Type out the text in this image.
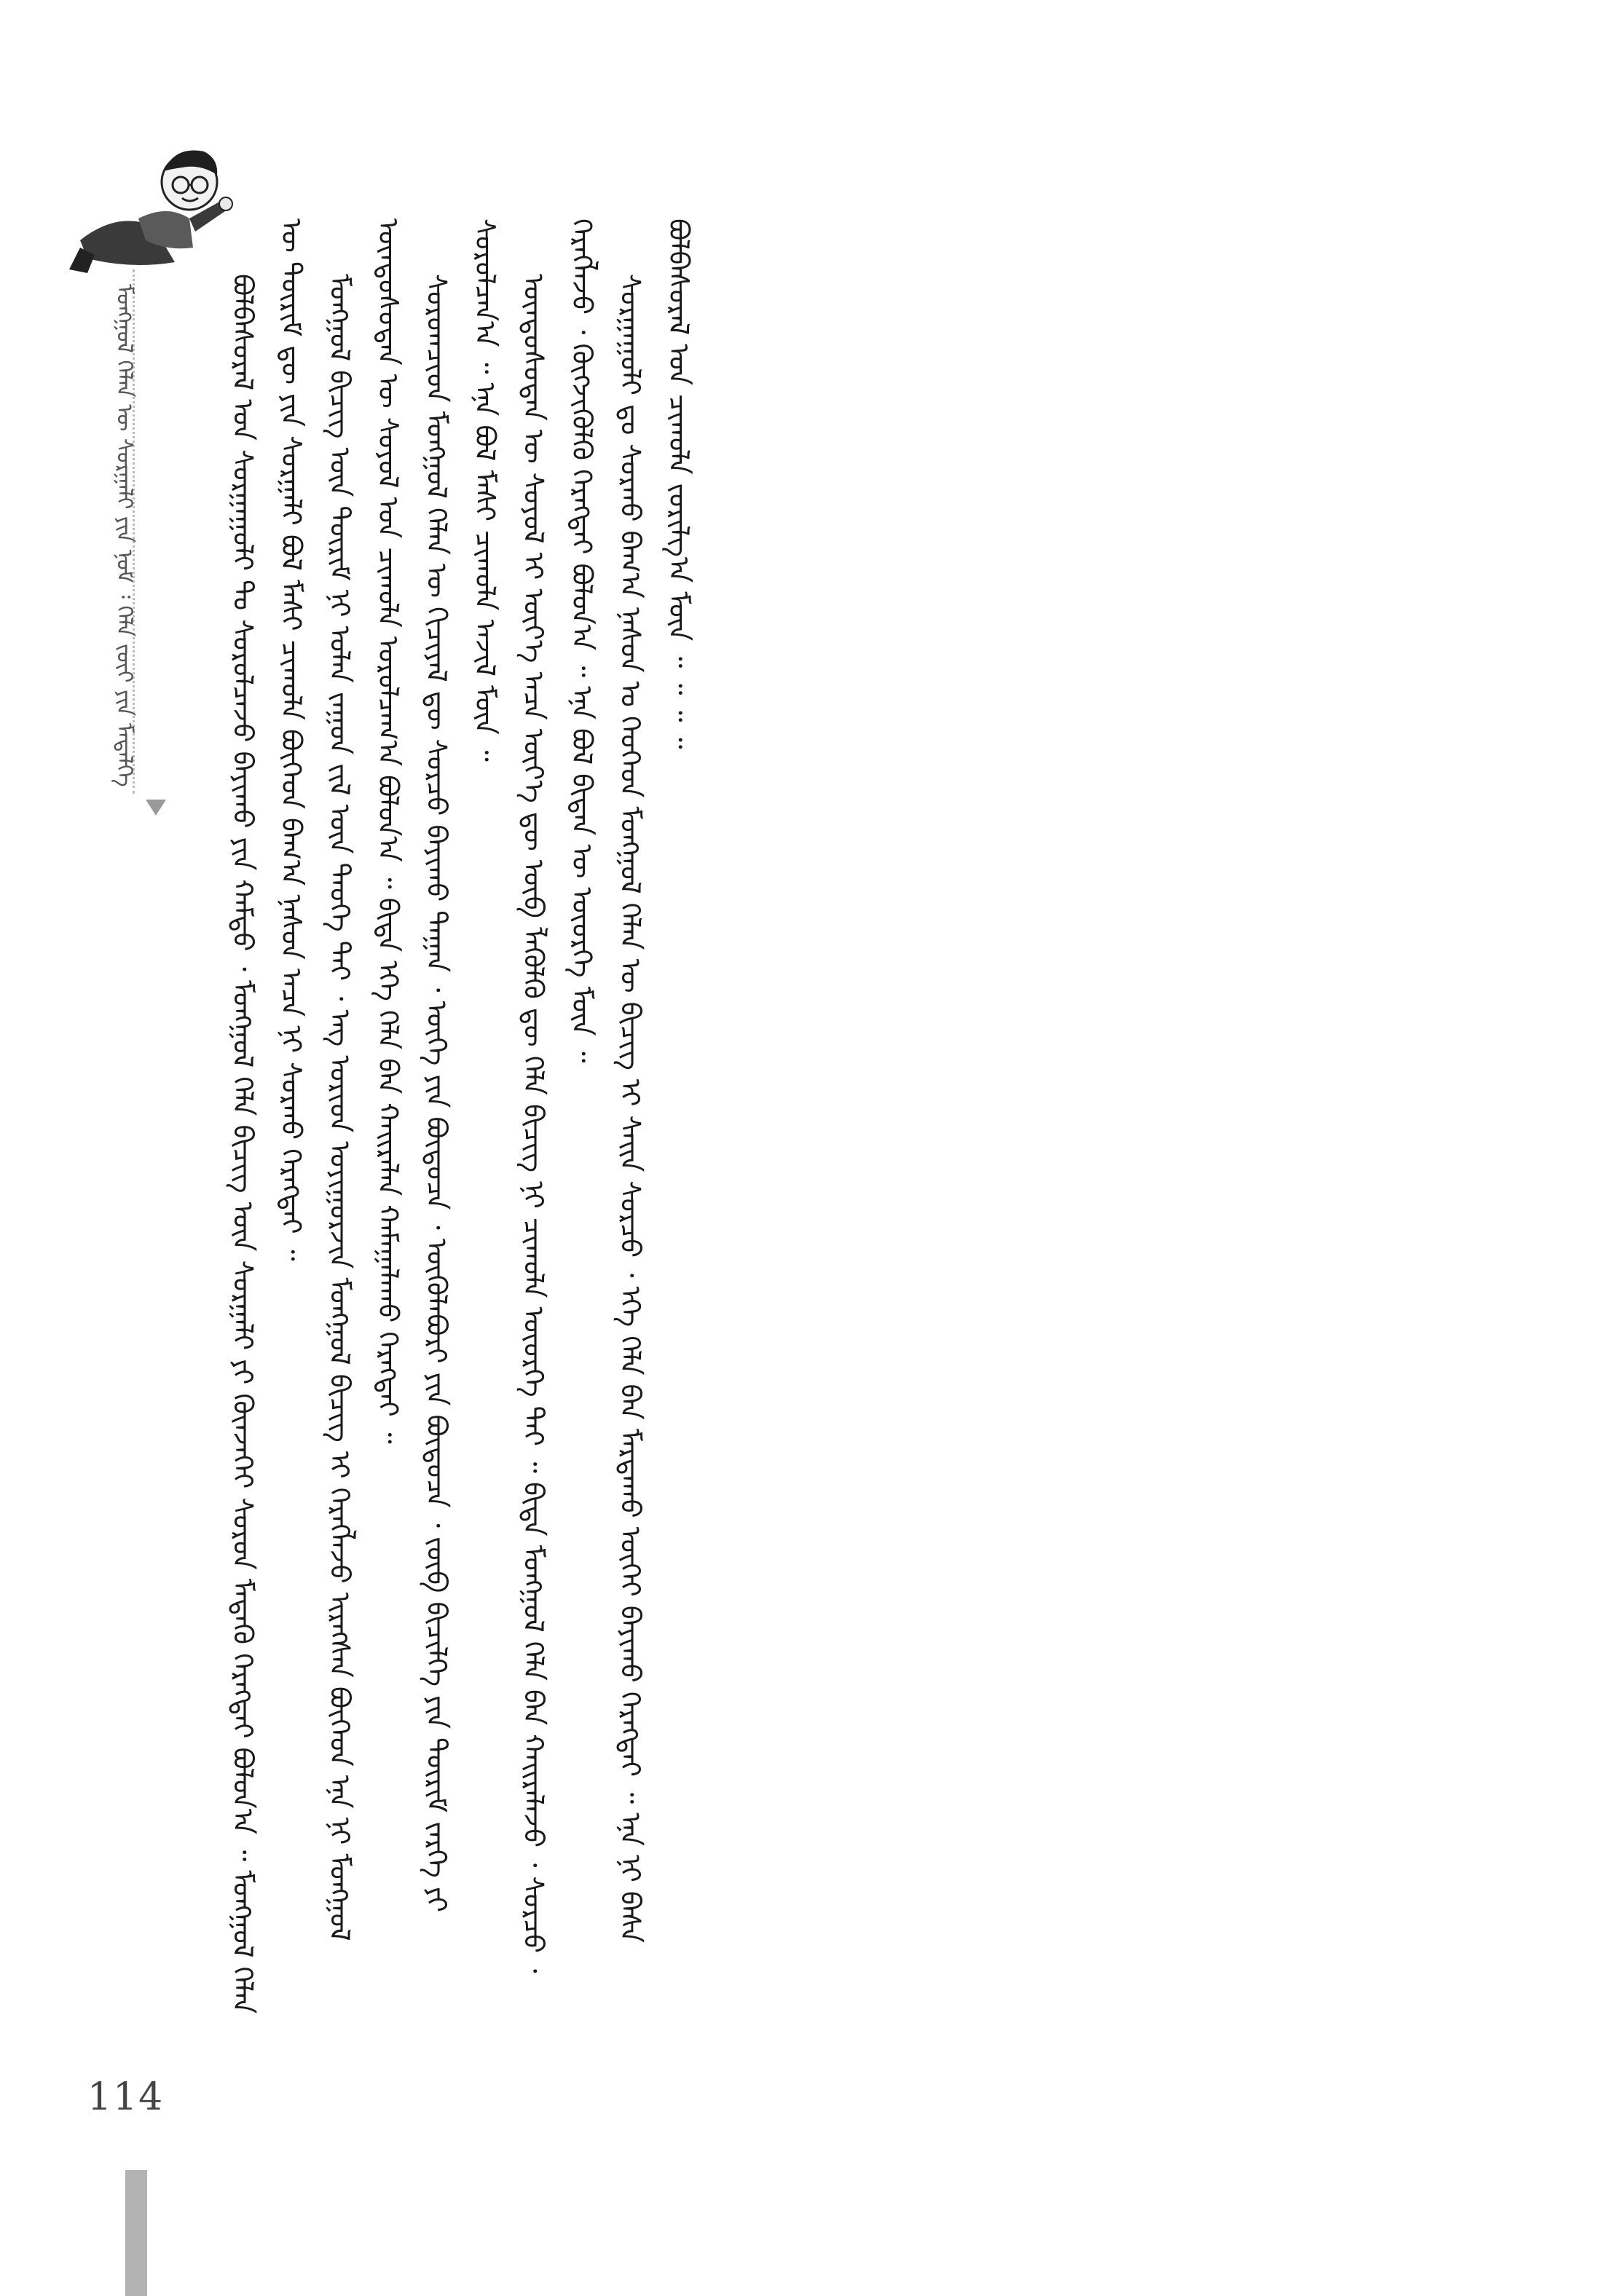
ᠮᠣᠩᠭᠣᠯ ᠬᠡᠯᠡᠨ ᠦ ᠰᠤᠷᠭᠠᠯᠢ ᠶᠢᠨ ᠨᠣᠮ ᠄ ᠬᠡᠯᠡ ᠵᠦᠢ ᠶᠢᠨ ᠮᠡᠳᠡᠯᠭᠡ	ᠪᠣᠯᠪᠠᠰᠤᠷᠠᠯ ᠤᠨ ᠰᠤᠷᠭᠠᠭᠤᠯᠢ ᠲᠤ ᠰᠤᠷᠤᠯᠴᠠᠵᠤ ᠪᠠᠶᠢᠬᠤ ᠶᠢᠨ ᠬᠠᠮᠲᠤ ᠂ ᠮᠣᠩᠭᠣᠯ ᠬᠡᠯᠡ ᠪᠢᠴᠢᠭ ᠦᠨ ᠰᠤᠷᠭᠠᠯᠢ ᠶᠢ ᠭᠦᠨᠵᠡᠭᠡᠢ ᠰᠤᠷᠤᠨ ᠮᠡᠳᠡᠬᠦ ᠬᠡᠷᠡᠭᠲᠡᠢ ᠪᠣᠯᠤᠨ᠎ᠠ ᠃ ᠮᠣᠩᠭᠣᠯ ᠬᠡᠯᠡᠨ ᠦ ᠳᠦᠷᠢᠮ ᠳᠦ ᠶᠢᠨ ᠰᠤᠷᠭᠠᠯᠢ ᠪᠣᠯ ᠮᠠᠰᠢ ᠴᠢᠬᠤᠯᠠ ᠪᠥᠭᠡᠳ ᠪᠠᠭ᠎ᠠ ᠨᠠᠰᠤᠨ ᠠᠴᠠ ᠨᠢ ᠰᠤᠷᠬᠤ ᠬᠡᠷᠡᠭᠲᠡᠢ ᠃ ᠮᠣᠩᠭᠣᠯ ᠪᠢᠴᠢᠭ ᠦᠨ ᠳᠦᠷᠢᠮ ᠨᠢ ᠣᠯᠠᠨ ᠵᠠᠭᠤᠨ ᠵᠢᠯ ᠦᠨ ᠲᠡᠦᠬᠡ ᠲᠡᠢ ᠂ ᠡᠩ ᠤᠷᠢᠳ ᠤᠶᠢᠭᠤᠷᠵᠢᠨ ᠮᠣᠩᠭᠣᠯ ᠪᠢᠴᠢᠭ ᠢ ᠬᠡᠷᠡᠭᠯᠡᠵᠦ ᠢᠷᠡᠭᠰᠡᠨ ᠪᠥᠭᠡᠳ ᠡᠨᠡ ᠨᠢ ᠮᠣᠩᠭᠣᠯ ᠦᠨᠳᠦᠰᠦᠲᠡᠨ ᠦ ᠰᠣᠶᠣᠯ ᠤᠨ ᠴᠢᠬᠤᠯᠠ ᠣᠷᠤᠯᠴᠠᠭ᠎ᠠ ᠪᠣᠯᠤᠨ᠎ᠠ ᠃ ᠪᠢᠳᠡ ᠡᠬᠡ ᠬᠡᠯᠡ ᠪᠡᠨ ᠬᠠᠢᠷᠠᠯᠠᠨ ᠬᠠᠮᠠᠭᠠᠯᠠᠬᠤ ᠬᠡᠷᠡᠭᠲᠡᠢ ᠃ ᠰᠤᠷᠤᠭᠴᠢᠳ ᠮᠣᠩᠭᠣᠯ ᠬᠡᠯᠡᠨ ᠦ ᠬᠢᠴᠢᠶᠡᠯ ᠳᠦ ᠰᠤᠷᠴᠤ ᠪᠠᠶᠢᠬᠤ ᠳᠠᠭᠠᠨ ᠂ ᠦᠭᠡ ᠶᠢᠨ ᠪᠦᠲᠦᠴᠡ ᠂ ᠥᠭᠦᠯᠡᠪᠦᠷᠢ ᠶᠢᠨ ᠪᠦᠲᠦᠴᠡ ᠂ ᠵᠥᠪ ᠪᠢᠴᠢᠯᠭᠡ ᠶᠢᠨ ᠳᠦᠷᠢᠮ ᠵᠡᠷᠭᠡ ᠶᠢ ᠰᠤᠷᠤᠯᠴᠠᠨ᠎ᠠ ᠃ ᠡᠨᠡ ᠪᠣᠯ ᠮᠠᠰᠢ ᠴᠢᠬᠤᠯᠠ ᠠᠵᠢᠯ ᠮᠥᠨ ᠃ ᠦᠨᠳᠦᠰᠦᠲᠡᠨ ᠦ ᠰᠣᠶᠣᠯ ᠢ ᠦᠶ᠎ᠡ ᠠᠴᠠ ᠦᠶ᠎ᠡ ᠳᠦ ᠥᠪ ᠯᠡᠭᠦᠯᠬᠦ ᠳᠦ ᠬᠡᠯᠡ ᠪᠢᠴᠢᠭ ᠨᠢ ᠴᠢᠬᠤᠯᠠ ᠦᠦᠷᠭᠡ ᠲᠡᠢ ᠃ ᠪᠢᠳᠡ ᠮᠣᠩᠭᠣᠯ ᠬᠡᠯᠡ ᠪᠡᠨ ᠬᠠᠢᠷᠠᠯᠠᠵᠤ ᠂ ᠰᠤᠷᠴᠤ ᠂ ᠬᠡᠷᠡᠭᠯᠡᠵᠦ ᠂ ᠬᠥᠭᠵᠢᠭᠦᠯᠬᠦ ᠬᠡᠷᠡᠭᠲᠡᠢ ᠪᠣᠯᠤᠨ᠎ᠠ ᠃ ᠡᠨᠡ ᠪᠣᠯ ᠪᠢᠳᠡᠨ ᠦ ᠦᠦᠷᠭᠡ ᠮᠥᠨ ᠃ ᠰᠤᠷᠭᠠᠭᠤᠯᠢ ᠳᠤ ᠰᠤᠷᠬᠤ ᠪᠠᠭ᠎ᠠ ᠨᠠᠰᠤᠨ ᠤ ᠬᠡᠦᠬᠡᠳ ᠮᠣᠩᠭᠣᠯ ᠬᠡᠯᠡᠨ ᠦ ᠪᠢᠴᠢᠭ ᠢ ᠰᠠᠢᠨ ᠰᠤᠷᠴᠤ ᠂ ᠡᠬᠡ ᠬᠡᠯᠡ ᠪᠡᠨ ᠮᠠᠷᠲᠠᠬᠤ ᠦᠭᠡᠢ ᠪᠠᠶᠢᠬᠤ ᠬᠡᠷᠡᠭᠲᠡᠢ ᠃ ᠡᠨᠡ ᠨᠢ ᠪᠠᠰᠠ ᠪᠣᠯᠪᠠᠰᠤᠷᠠᠯ ᠤᠨ ᠴᠢᠬᠤᠯᠠ ᠵᠣᠷᠢᠯᠭ᠎ᠠ ᠮᠥᠨ ᠃ ᠃ ᠃ ᠃

114
